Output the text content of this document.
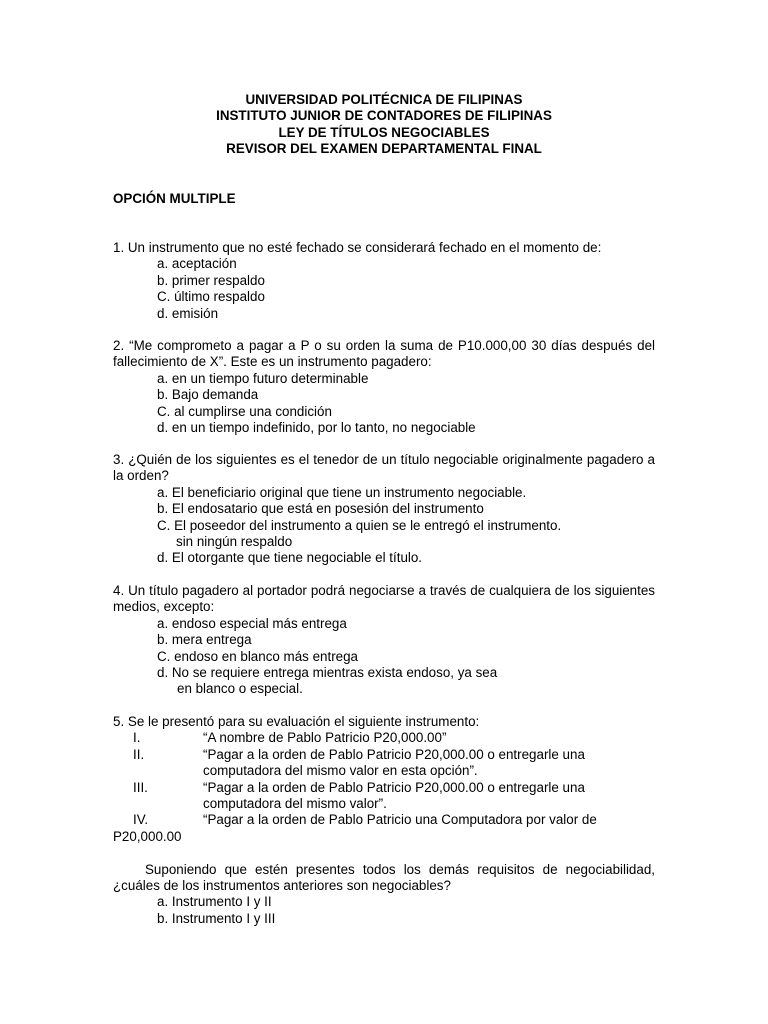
UNIVERSIDAD POLITÉCNICA DE FILIPINAS
INSTITUTO JUNIOR DE CONTADORES DE FILIPINAS
LEY DE TÍTULOS NEGOCIABLES
REVISOR DEL EXAMEN DEPARTAMENTAL FINAL
OPCIÓN MULTIPLE
1. Un instrumento que no esté fechado se considerará fechado en el momento de:
a. aceptación
b. primer respaldo
C. último respaldo
d. emisión
2. “Me comprometo a pagar a P o su orden la suma de P10.000,00 30 días después del fallecimiento de X”. Este es un instrumento pagadero:
a. en un tiempo futuro determinable
b. Bajo demanda
C. al cumplirse una condición
d. en un tiempo indefinido, por lo tanto, no negociable
3. ¿Quién de los siguientes es el tenedor de un título negociable originalmente pagadero a la orden?
a. El beneficiario original que tiene un instrumento negociable.
b. El endosatario que está en posesión del instrumento
C. El poseedor del instrumento a quien se le entregó el instrumento.
sin ningún respaldo
d. El otorgante que tiene negociable el título.
4. Un título pagadero al portador podrá negociarse a través de cualquiera de los siguientes medios, excepto:
a. endoso especial más entrega
b. mera entrega
C. endoso en blanco más entrega
d. No se requiere entrega mientras exista endoso, ya sea
en blanco o especial.
5. Se le presentó para su evaluación el siguiente instrumento:
I.	“A nombre de Pablo Patricio P20,000.00”
II.	“Pagar a la orden de Pablo Patricio P20,000.00 o entregarle una
computadora del mismo valor en esta opción”.
III.	“Pagar a la orden de Pablo Patricio P20,000.00 o entregarle una
computadora del mismo valor”.
IV.	“Pagar a la orden de Pablo Patricio una Computadora por valor de
P20,000.00
Suponiendo que estén presentes todos los demás requisitos de negociabilidad, ¿cuáles de los instrumentos anteriores son negociables?
a. Instrumento I y II
b. Instrumento I y III
